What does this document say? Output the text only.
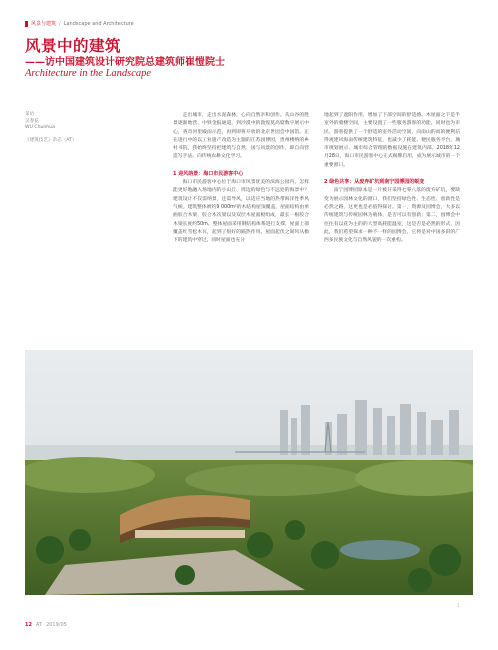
风景与建筑 / Landscape and Architecture
风景中的建筑
——访中国建筑设计研究院总建筑师崔愷院士
Architecture in the Landscape
采访
吴春花
WU Chunhua
《建筑技艺》杂志（AT）

走出城市，走出水泥森林，心向自然亲和创作。从山谷的胜景逐渐地营、中铁金报通道，到沙漠中的敦煌莫高窟数字展示中心，查奇河里殿雨示范，再到即将开放的北京世园会中国馆。正在进行中的以工业遗产改造为主题的江苏园博园，贵州楼纳的乡村书院，我始终坚持把建筑与自然、国与风景的创作，即自向营造写手法。向传统农耕文化学习。

1 迎风纳景：海口市民游客中心

海口市民游客中心位于海口市风景优美的滨海公园内，怎样能更好地融入场地内的小山丘、周边的绿色与不远处的海景中？建筑设计不仅需纳景，还需导风，以适应当地的热带海洋性季风气候。建筑整体被约9 000m²的木结构屋顶覆盖，屋面结构由单曲胶合木梁、胶合木次梁以及双层木屋面板组成，最长一根胶合木梁长度约50m。整体屋面采用钢结构体系进行支撑，屋面上部覆盖红雪松木瓦，起到了很好的隔热作用。屋面起伏之间风从檐下的建筑中穿过，同时屋面也充分

地起到了遮阳作用，增加了下部空间的舒适感。木屋面之下是半室外的骑楼空间，主要设置了一些服务游客的功能，同时也为市民、游客提供了一个舒适的室外活动空间，向南山的而的便利信得观建风海南传统建筑特征，也减少了耗能。便民服务平台，城市规划展示、城市综合管理的数据设施在建筑内部。2018年12月28日，海口市民游客中心正式揭牌启用，成为展示城市的一个重要窗口。

2 绿色共享：从废弃矿坑到南宁园博园的蜕变

南宁园博园原本是一片被开采得七零八落的废弃矿坑，要缺变为展示园林文化的窗口，我们坚持绿色性、生态性、创新性是必然之路，这更也是必值得探讨。第一，资源及园博会，大多以传统建筑与传统园林为载体，是否可以有创新；第二，园博会中往往有以花为主的的大型高耗能温室，这是否是必然的形式，因此，我们希望探求一种不一样的园博会，它将是对中国多彩的广西多民族文化与自然风貌的一次重构。

1
12 AT 2019/05
